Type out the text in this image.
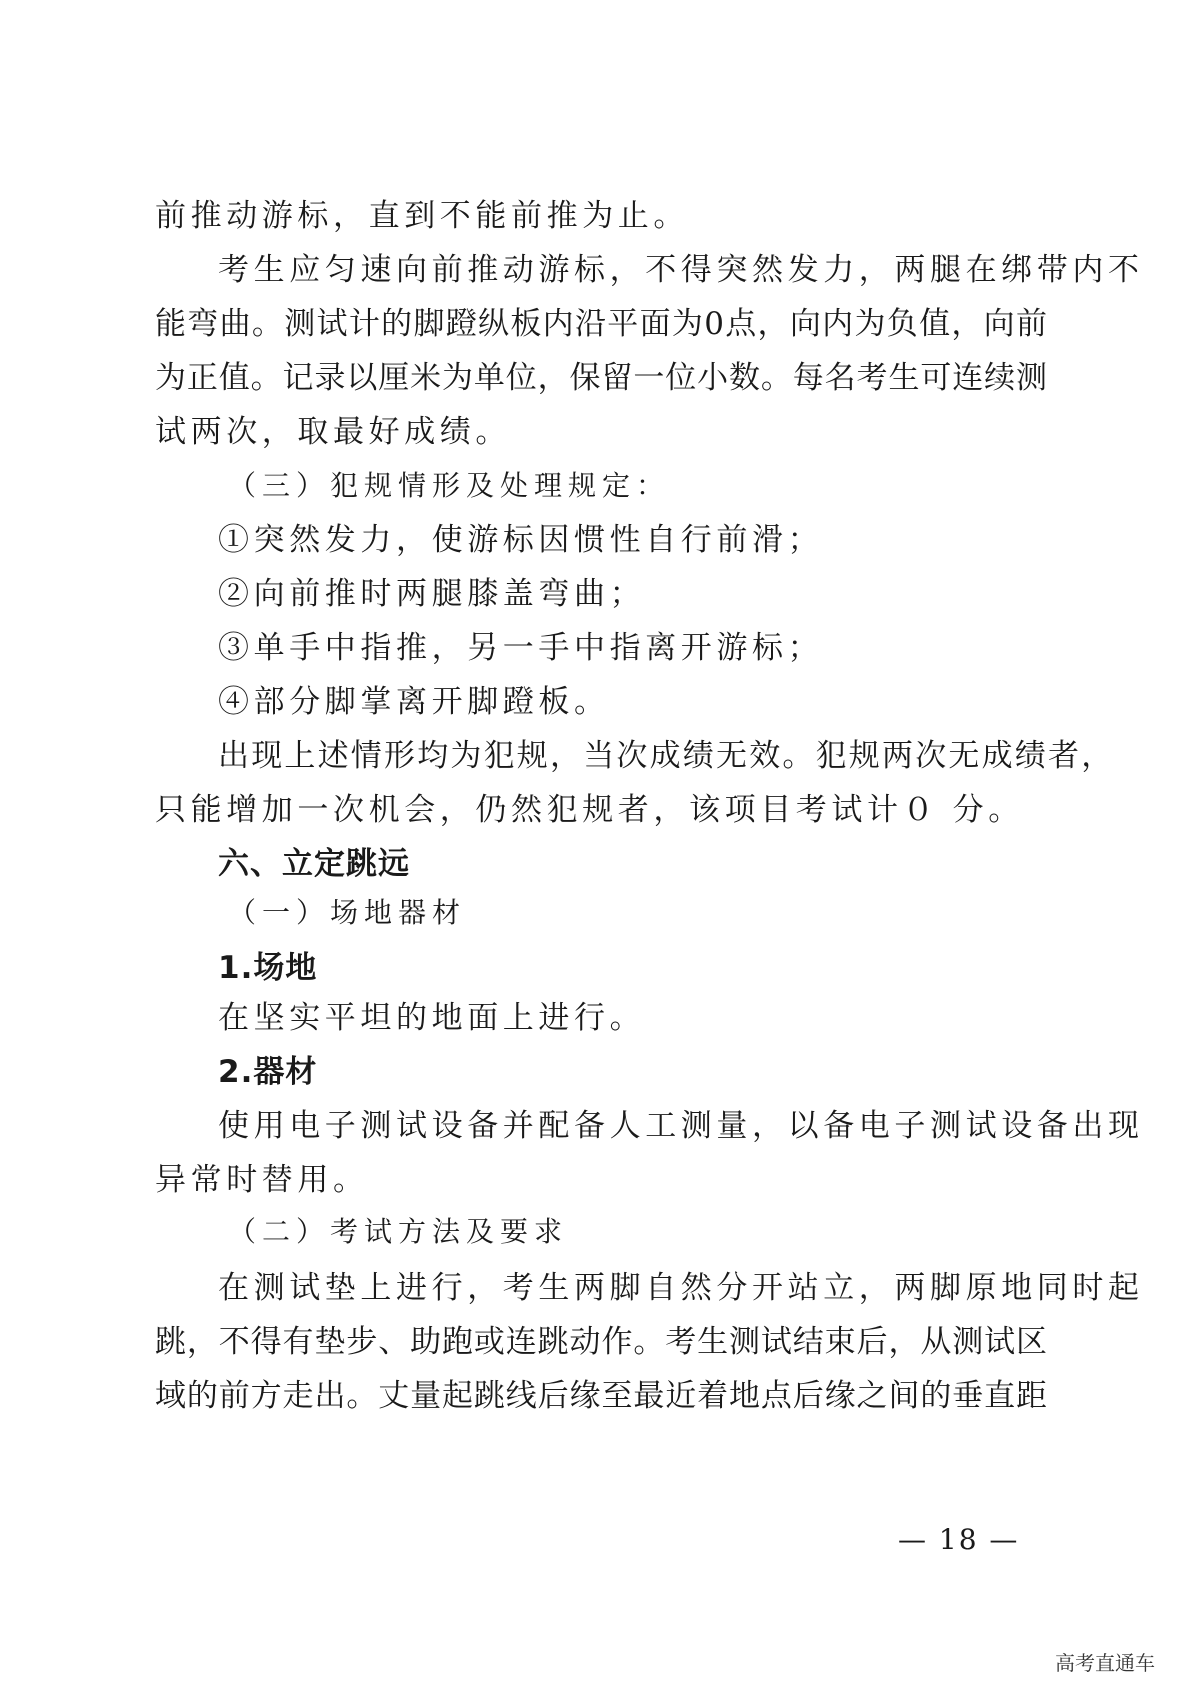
前推动游标，直到不能前推为止。
考生应匀速向前推动游标，不得突然发力，两腿在绑带内不
能弯曲。测试计的脚蹬纵板内沿平面为0点，向内为负值，向前
为正值。记录以厘米为单位，保留一位小数。每名考生可连续测
试两次，取最好成绩。
（三）犯规情形及处理规定：
①突然发力，使游标因惯性自行前滑；
②向前推时两腿膝盖弯曲；
③单手中指推，另一手中指离开游标；
④部分脚掌离开脚蹬板。
出现上述情形均为犯规，当次成绩无效。犯规两次无成绩者，
只能增加一次机会，仍然犯规者，该项目考试计０ 分。
六、立定跳远
（一）场地器材
1.场地
在坚实平坦的地面上进行。
2.器材
使用电子测试设备并配备人工测量，以备电子测试设备出现
异常时替用。
（二）考试方法及要求
在测试垫上进行，考生两脚自然分开站立，两脚原地同时起
跳，不得有垫步、助跑或连跳动作。考生测试结束后，从测试区
域的前方走出。丈量起跳线后缘至最近着地点后缘之间的垂直距
— 18 —
高考直通车
